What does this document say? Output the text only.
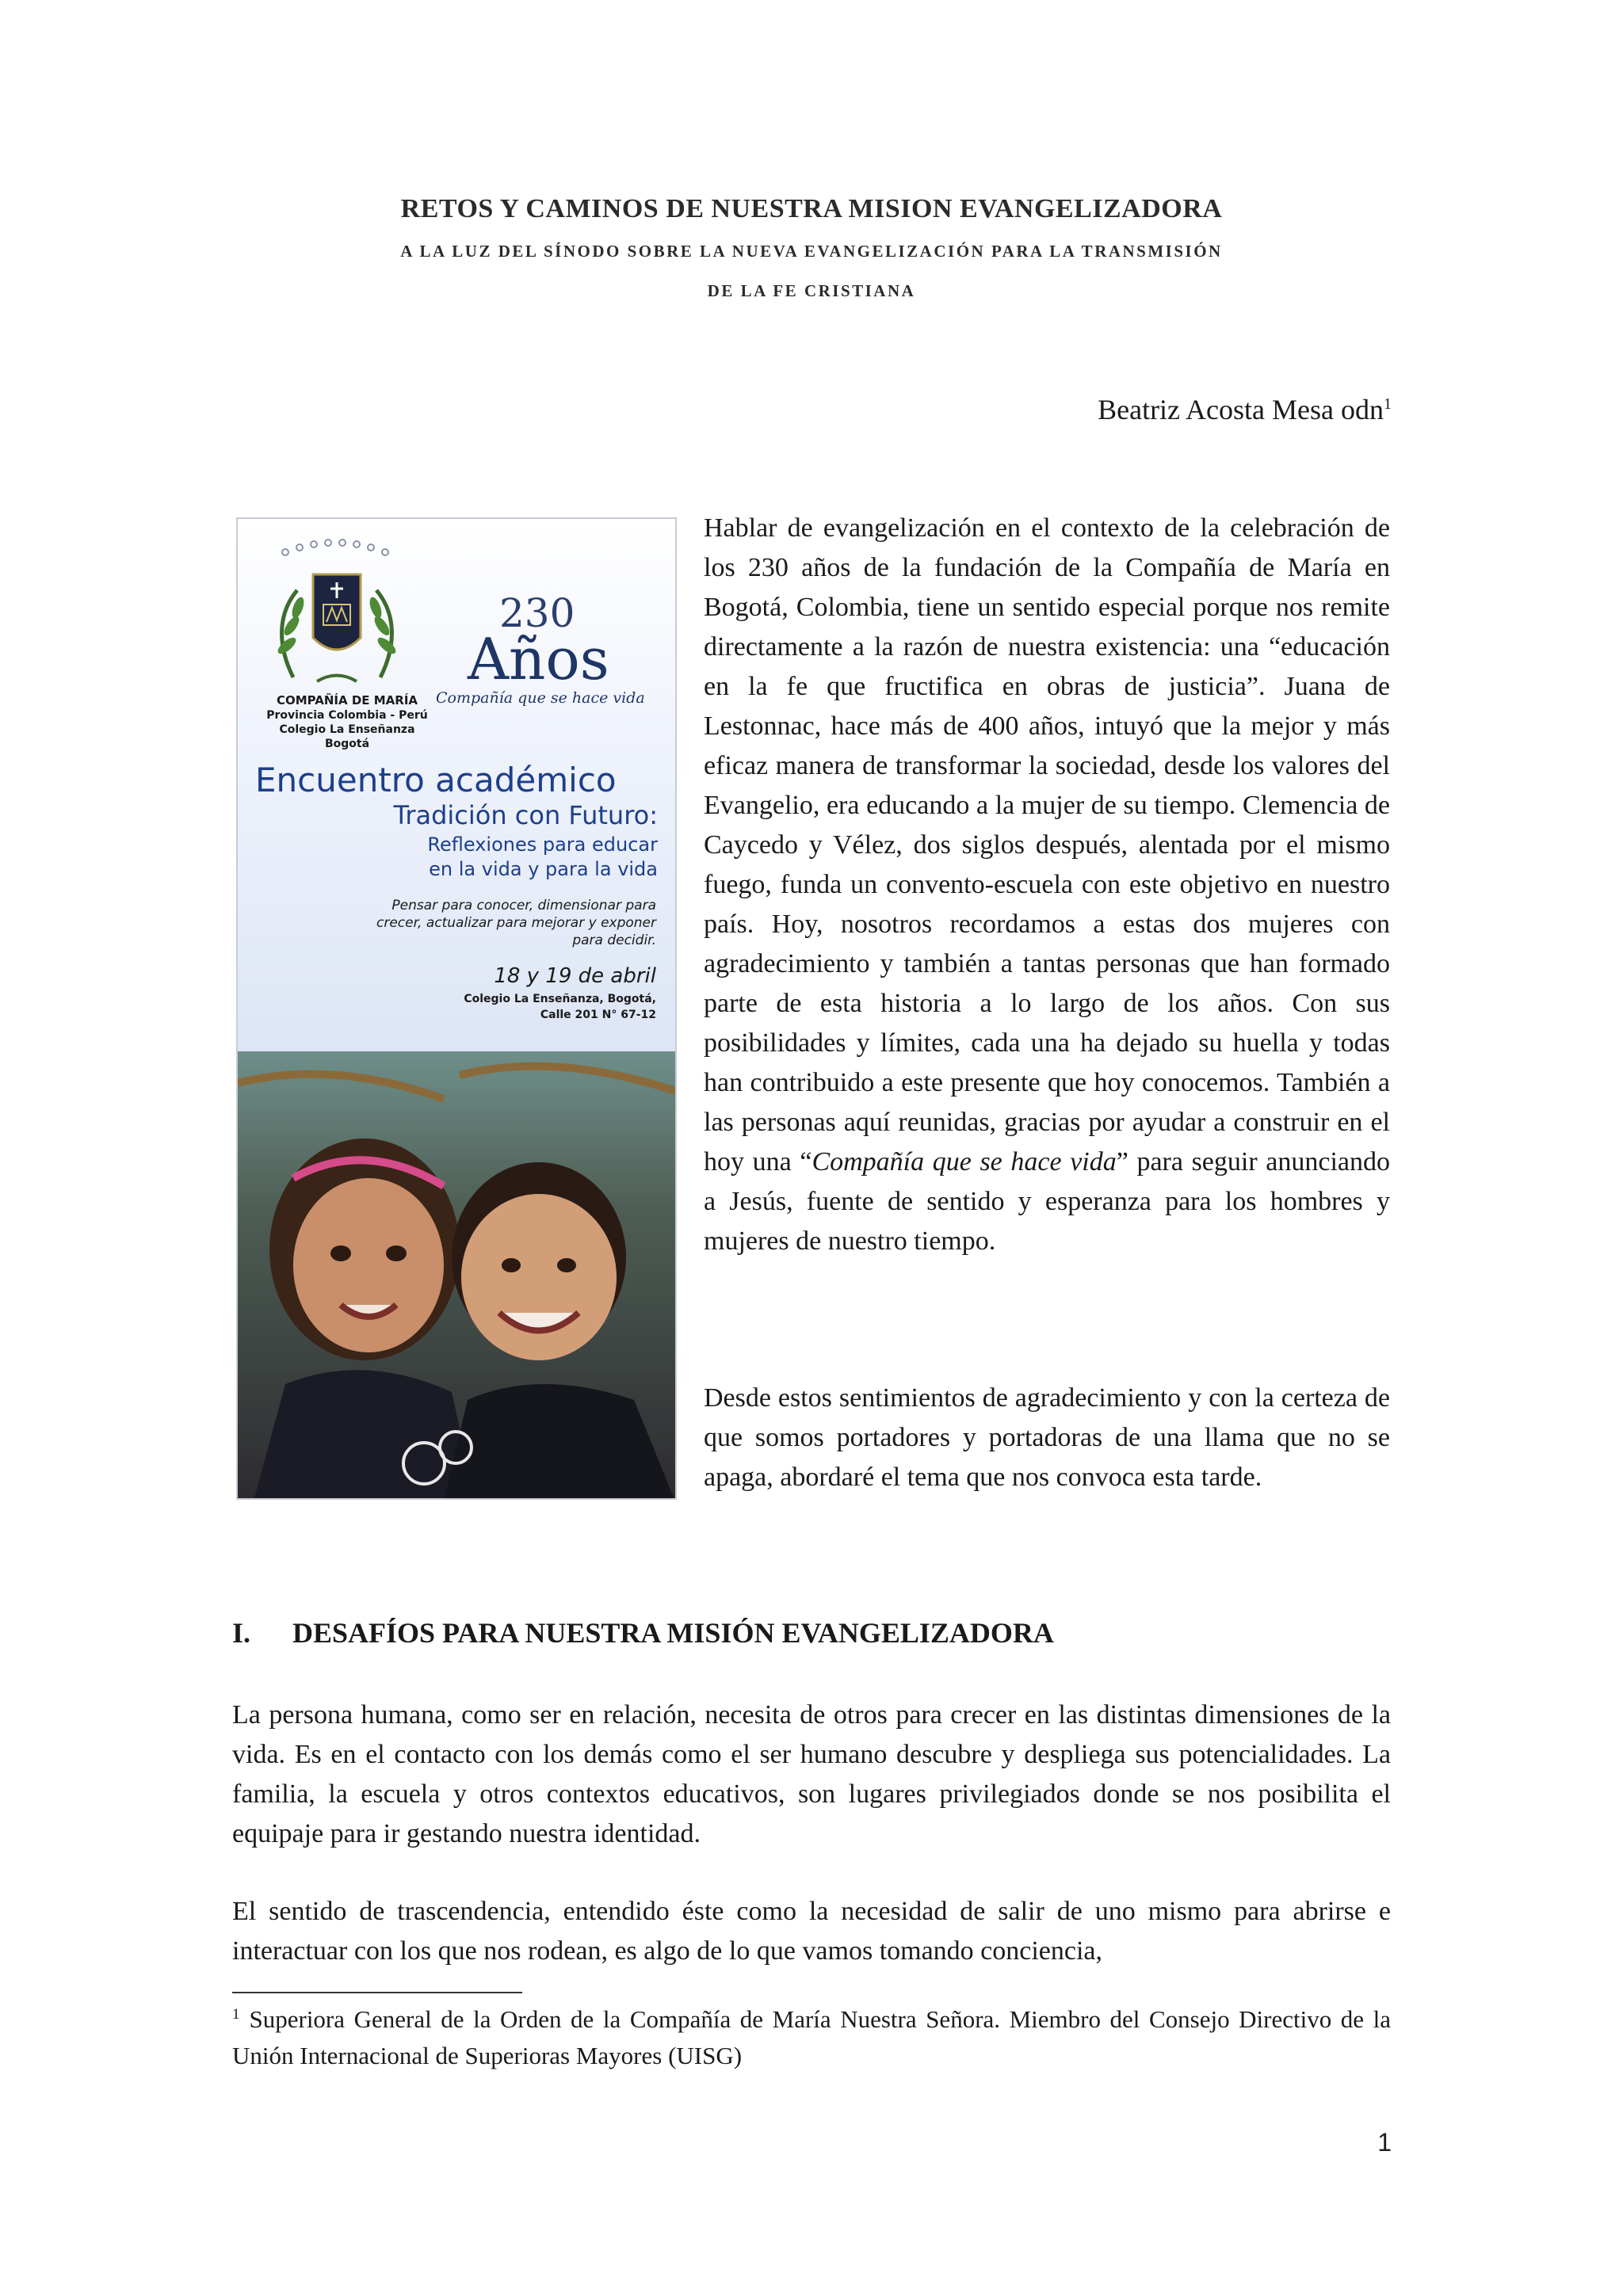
RETOS Y CAMINOS DE NUESTRA MISION EVANGELIZADORA
A LA LUZ DEL SÍNODO SOBRE LA NUEVA EVANGELIZACIÓN PARA LA TRANSMISIÓN
DE LA FE CRISTIANA
Beatriz Acosta Mesa odn$^1$
COMPAÑÍA DE MARÍA
Provincia Colombia - Perú
Colegio La Enseñanza
Bogotá
230
Años
Compañía que se hace vida
Encuentro académico
Tradición con Futuro:
Reflexiones para educar
en la vida y para la vida
Pensar para conocer, dimensionar para
crecer, actualizar para mejorar y exponer
para decidir.
18 y 19 de abril
Colegio La Enseñanza, Bogotá,
Calle 201 N° 67-12
Hablar de evangelización en el contexto de la celebración de los 230 años de la fundación de la Compañía de María en Bogotá, Colombia, tiene un sentido especial porque nos remite directamente a la razón de nuestra existencia: una “educación en la fe que fructifica en obras de justicia”. Juana de Lestonnac, hace más de 400 años, intuyó que la mejor y más eficaz manera de transformar la sociedad, desde los valores del Evangelio, era educando a la mujer de su tiempo. Clemencia de Caycedo y Vélez, dos siglos después, alentada por el mismo fuego, funda un convento-escuela con este objetivo en nuestro país. Hoy, nosotros recordamos a estas dos mujeres con agradecimiento y también a tantas personas que han formado parte de esta historia a lo largo de los años. Con sus posibilidades y límites, cada una ha dejado su huella y todas han contribuido a este presente que hoy conocemos. También a las personas aquí reunidas, gracias por ayudar a construir en el hoy una “Compañía que se hace vida” para seguir anunciando a Jesús, fuente de sentido y esperanza para los hombres y mujeres de nuestro tiempo.
Desde estos sentimientos de agradecimiento y con la certeza de que somos portadores y portadoras de una llama que no se apaga, abordaré el tema que nos convoca esta tarde.
I. DESAFÍOS PARA NUESTRA MISIÓN EVANGELIZADORA
La persona humana, como ser en relación, necesita de otros para crecer en las distintas dimensiones de la vida. Es en el contacto con los demás como el ser humano descubre y despliega sus potencialidades. La familia, la escuela y otros contextos educativos, son lugares privilegiados donde se nos posibilita el equipaje para ir gestando nuestra identidad.
El sentido de trascendencia, entendido éste como la necesidad de salir de uno mismo para abrirse e interactuar con los que nos rodean, es algo de lo que vamos tomando conciencia,
$^1$ Superiora General de la Orden de la Compañía de María Nuestra Señora. Miembro del Consejo Directivo de la Unión Internacional de Superioras Mayores (UISG)
1
